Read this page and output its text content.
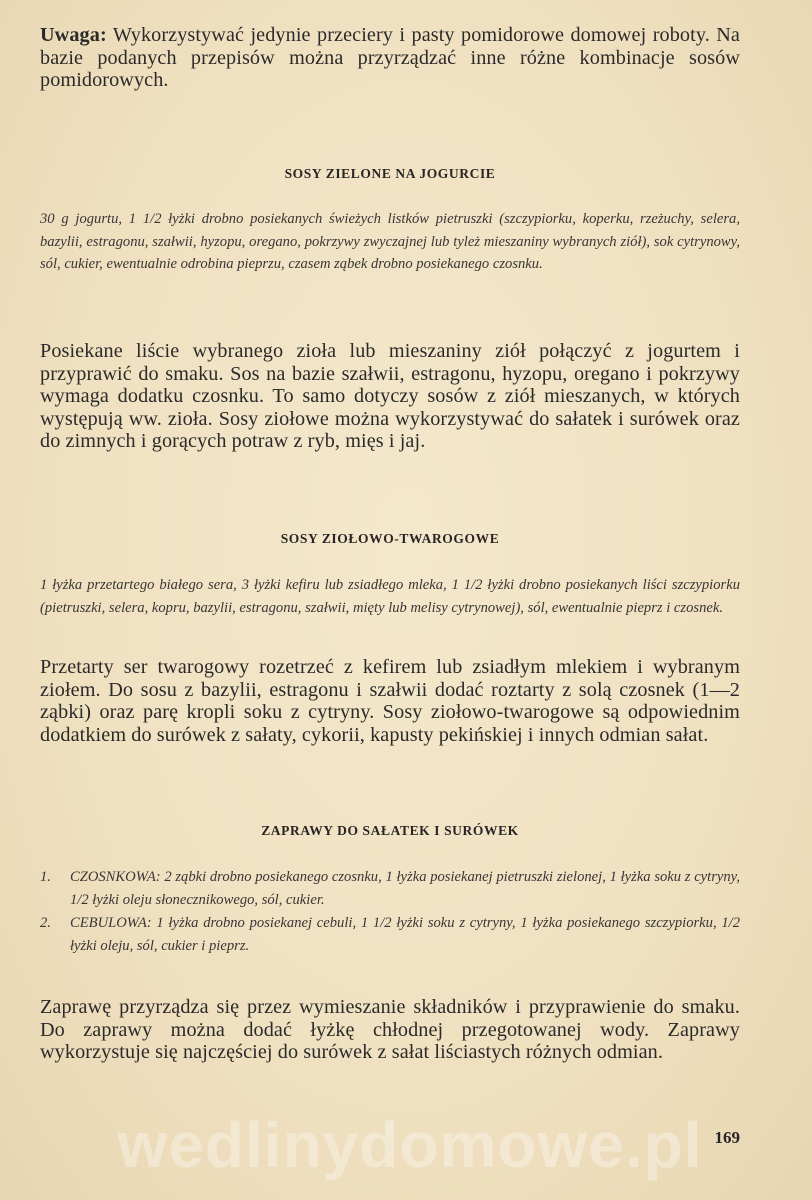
Uwaga: Wykorzystywać jedynie przeciery i pasty pomidorowe domowej roboty. Na bazie podanych przepisów można przyrządzać inne różne kombinacje sosów pomidorowych.

SOSY ZIELONE NA JOGURCIE

30 g jogurtu, 1 1/2 łyżki drobno posiekanych świeżych listków pietruszki (szczypiorku, koperku, rzeżuchy, selera, bazylii, estragonu, szałwii, hyzopu, oregano, pokrzywy zwyczajnej lub tyleż mieszaniny wybranych ziół), sok cytrynowy, sól, cukier, ewentualnie odrobina pieprzu, czasem ząbek drobno posiekanego czosnku.

Posiekane liście wybranego zioła lub mieszaniny ziół połączyć z jogurtem i przyprawić do smaku. Sos na bazie szałwii, estragonu, hyzopu, oregano i pokrzywy wymaga dodatku czosnku. To samo dotyczy sosów z ziół mieszanych, w których występują ww. zioła. Sosy ziołowe można wykorzystywać do sałatek i surówek oraz do zimnych i gorących potraw z ryb, mięs i jaj.

SOSY ZIOŁOWO-TWAROGOWE

1 łyżka przetartego białego sera, 3 łyżki kefiru lub zsiadłego mleka, 1 1/2 łyżki drobno posiekanych liści szczypiorku (pietruszki, selera, kopru, bazylii, estragonu, szałwii, mięty lub melisy cytrynowej), sól, ewentualnie pieprz i czosnek.

Przetarty ser twarogowy rozetrzeć z kefirem lub zsiadłym mlekiem i wybranym ziołem. Do sosu z bazylii, estragonu i szałwii dodać roztarty z solą czosnek (1—2 ząbki) oraz parę kropli soku z cytryny. Sosy ziołowo-twarogowe są odpowiednim dodatkiem do surówek z sałaty, cykorii, kapusty pekińskiej i innych odmian sałat.

ZAPRAWY DO SAŁATEK I SURÓWEK
1. CZOSNKOWA: 2 ząbki drobno posiekanego czosnku, 1 łyżka posiekanej pietruszki zielonej, 1 łyżka soku z cytryny, 1/2 łyżki oleju słonecznikowego, sól, cukier.
2. CEBULOWA: 1 łyżka drobno posiekanej cebuli, 1 1/2 łyżki soku z cytryny, 1 łyżka posiekanego szczypiorku, 1/2 łyżki oleju, sól, cukier i pieprz.

Zaprawę przyrządza się przez wymieszanie składników i przyprawienie do smaku. Do zaprawy można dodać łyżkę chłodnej przegotowanej wody. Zaprawy wykorzystuje się najczęściej do surówek z sałat liściastych różnych odmian.

wedlinydomowe.pl 169
